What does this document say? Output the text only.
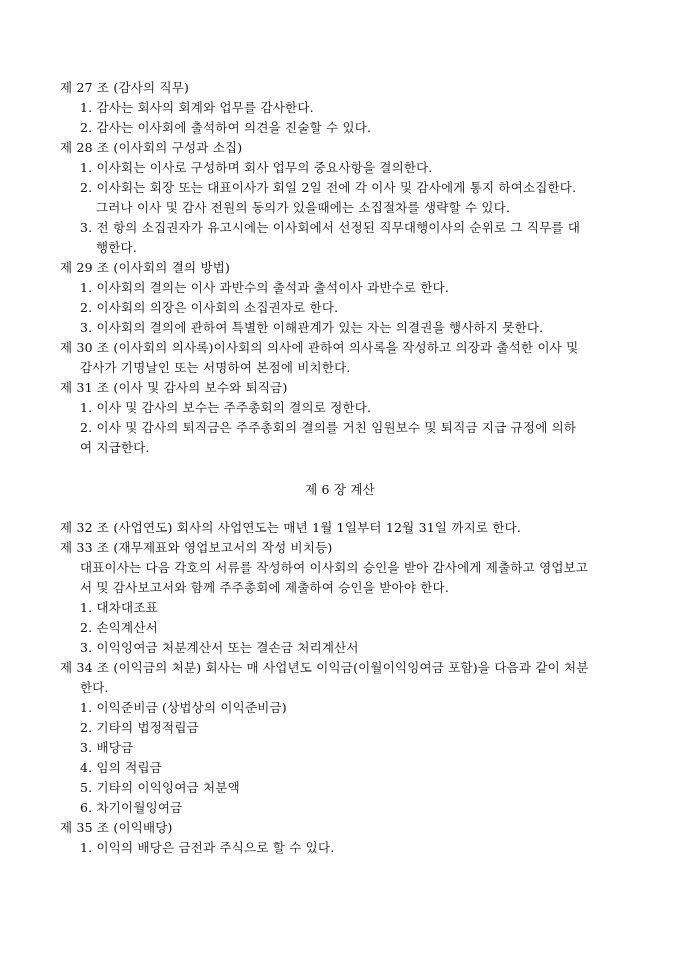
제 27 조 (감사의 직무)
1. 감사는 회사의 회계와 업무를 감사한다.
2. 감사는 이사회에 출석하여 의견을 진술할 수 있다.
제 28 조 (이사회의 구성과 소집)
1. 이사회는 이사로 구성하며 회사 업무의 중요사항을 결의한다.
2. 이사회는 회장 또는 대표이사가 회일 2일 전에 각 이사 및 감사에게 통지 하여소집한다.
그러나 이사 및 감사 전원의 동의가 있을때에는 소집절차를 생략할 수 있다.
3. 전 항의 소집권자가 유고시에는 이사회에서 선정된 직무대행이사의 순위로 그 직무를 대
행한다.
제 29 조 (이사회의 결의 방법)
1. 이사회의 결의는 이사 과반수의 출석과 출석이사 과반수로 한다.
2. 이사회의 의장은 이사회의 소집권자로 한다.
3. 이사회의 결의에 관하여 특별한 이해관계가 있는 자는 의결권을 행사하지 못한다.
제 30 조 (이사회의 의사록)이사회의 의사에 관하여 의사록을 작성하고 의장과 출석한 이사 및
감사가 기명날인 또는 서명하여 본점에 비치한다.
제 31 조 (이사 및 감사의 보수와 퇴직금)
1. 이사 및 감사의 보수는 주주총회의 결의로 정한다.
2. 이사 및 감사의 퇴직금은 주주총회의 결의를 거친 임원보수 및 퇴직금 지급 규정에 의하
여 지급한다.
제 6 장 계산
제 32 조 (사업연도) 회사의 사업연도는 매년 1월 1일부터 12월 31일 까지로 한다.
제 33 조 (재무제표와 영업보고서의 작성 비치등)
대표이사는 다음 각호의 서류를 작성하여 이사회의 승인을 받아 감사에게 제출하고 영업보고
서 및 감사보고서와 함께 주주총회에 제출하여 승인을 받아야 한다.
1. 대차대조표
2. 손익계산서
3. 이익잉여금 처분계산서 또는 결손금 처리계산서
제 34 조 (이익금의 처분) 회사는 매 사업년도 이익금(이월이익잉여금 포함)을 다음과 같이 처분
한다.
1. 이익준비금 (상법상의 이익준비금)
2. 기타의 법정적립금
3. 배당금
4. 임의 적립금
5. 기타의 이익잉여금 처분액
6. 차기이월잉여금
제 35 조 (이익배당)
1. 이익의 배당은 금전과 주식으로 할 수 있다.
